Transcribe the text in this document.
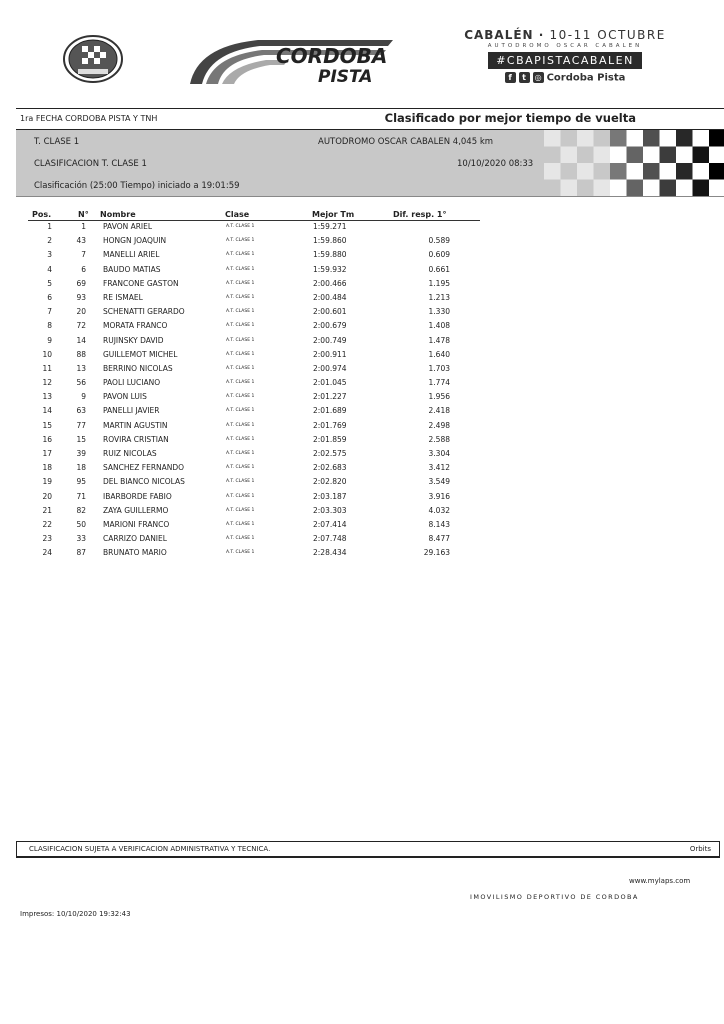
CORDOBA
PISTA
CABALÉN · 10-11 OCTUBRE
AUTODROMO OSCAR CABALEN
#CBAPISTACABALEN
f t ◎ Cordoba Pista
1ra FECHA CORDOBA PISTA Y TNH	Clasificado por mejor tiempo de vuelta
T. CLASE 1	AUTODROMO OSCAR CABALEN 4,045 km
CLASIFICACION T. CLASE 1	10/10/2020 08:33
Clasificación (25:00 Tiempo) iniciado a 19:01:59
Pos.	N° Nombre	Clase	Mejor Tm	Dif. resp. 1°
1	1 PAVON ARIEL	A.T. CLASE 1	1:59.271
2	43 HONGN JOAQUIN	A.T. CLASE 1	1:59.860	0.589
3	7 MANELLI ARIEL	A.T. CLASE 1	1:59.880	0.609
4	6 BAUDO MATIAS	A.T. CLASE 1	1:59.932	0.661
5	69 FRANCONE GASTON	A.T. CLASE 1	2:00.466	1.195
6	93 RE ISMAEL	A.T. CLASE 1	2:00.484	1.213
7	20 SCHENATTI GERARDO	A.T. CLASE 1	2:00.601	1.330
8	72 MORATA FRANCO	A.T. CLASE 1	2:00.679	1.408
9	14 RUJINSKY DAVID	A.T. CLASE 1	2:00.749	1.478
10	88 GUILLEMOT MICHEL	A.T. CLASE 1	2:00.911	1.640
11	13 BERRINO NICOLAS	A.T. CLASE 1	2:00.974	1.703
12	56 PAOLI LUCIANO	A.T. CLASE 1	2:01.045	1.774
13	9 PAVON LUIS	A.T. CLASE 1	2:01.227	1.956
14	63 PANELLI JAVIER	A.T. CLASE 1	2:01.689	2.418
15	77 MARTIN AGUSTIN	A.T. CLASE 1	2:01.769	2.498
16	15 ROVIRA CRISTIAN	A.T. CLASE 1	2:01.859	2.588
17	39 RUIZ NICOLAS	A.T. CLASE 1	2:02.575	3.304
18	18 SANCHEZ FERNANDO	A.T. CLASE 1	2:02.683	3.412
19	95 DEL BIANCO NICOLAS	A.T. CLASE 1	2:02.820	3.549
20	71 IBARBORDE FABIO	A.T. CLASE 1	2:03.187	3.916
21	82 ZAYA GUILLERMO	A.T. CLASE 1	2:03.303	4.032
22	50 MARIONI FRANCO	A.T. CLASE 1	2:07.414	8.143
23	33 CARRIZO DANIEL	A.T. CLASE 1	2:07.748	8.477
24	87 BRUNATO MARIO	A.T. CLASE 1	2:28.434	29.163
CLASIFICACION SUJETA A VERIFICACION ADMINISTRATIVA Y TECNICA.	Orbits
www.mylaps.com
IMOVILISMO DEPORTIVO DE CORDOBA
Impresos: 10/10/2020 19:32:43
